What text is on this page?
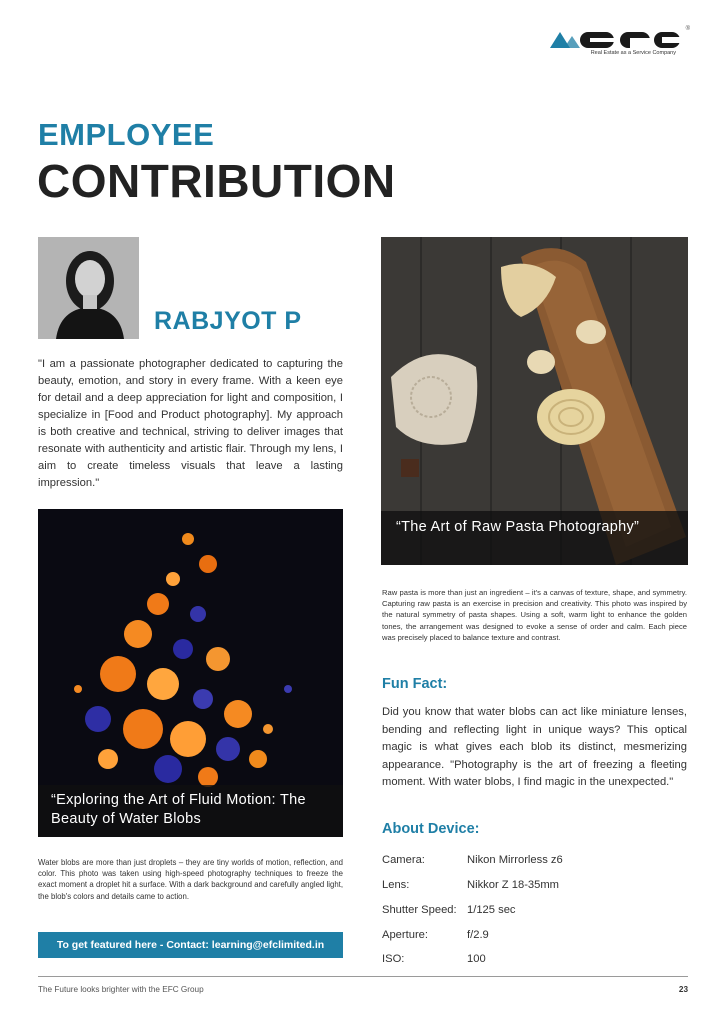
®
Real Estate as a Service Company
EMPLOYEE
CONTRIBUTION
RABJYOT P
"I am a passionate photographer dedicated to capturing the beauty, emotion, and story in every frame. With a keen eye for detail and a deep appreciation for light and composition, I specialize in [Food and Product photography]. My approach is both creative and technical, striving to deliver images that resonate with authenticity and artistic flair. Through my lens, I aim to create timeless visuals that leave a lasting impression."
“The Art of Raw Pasta Photography”
Raw pasta is more than just an ingredient – it's a canvas of texture, shape, and symmetry. Capturing raw pasta is an exercise in precision and creativity. This photo was inspired by the natural symmetry of pasta shapes. Using a soft, warm light to enhance the golden tones, the arrangement was designed to evoke a sense of order and calm. Each piece was precisely placed to balance texture and contrast.
Fun Fact:
Did you know that water blobs can act like miniature lenses, bending and reflecting light in unique ways? This optical magic is what gives each blob its distinct, mesmerizing appearance. "Photography is the art of freezing a fleeting moment. With water blobs, I find magic in the unexpected."
“Exploring the Art of Fluid Motion: The Beauty of Water Blobs
Water blobs are more than just droplets – they are tiny worlds of motion, reflection, and color. This photo was taken using high-speed photography techniques to freeze the exact moment a droplet hit a surface. With a dark background and carefully angled light, the blob's colors and details came to action.
About Device:
Camera:	Nikon Mirrorless z6
Lens:	Nikkor Z 18-35mm
Shutter Speed: 1/125 sec
Aperture:	f/2.9
ISO:	100
To get featured here - Contact: learning@efclimited.in
The Future looks brighter with the EFC Group	23
